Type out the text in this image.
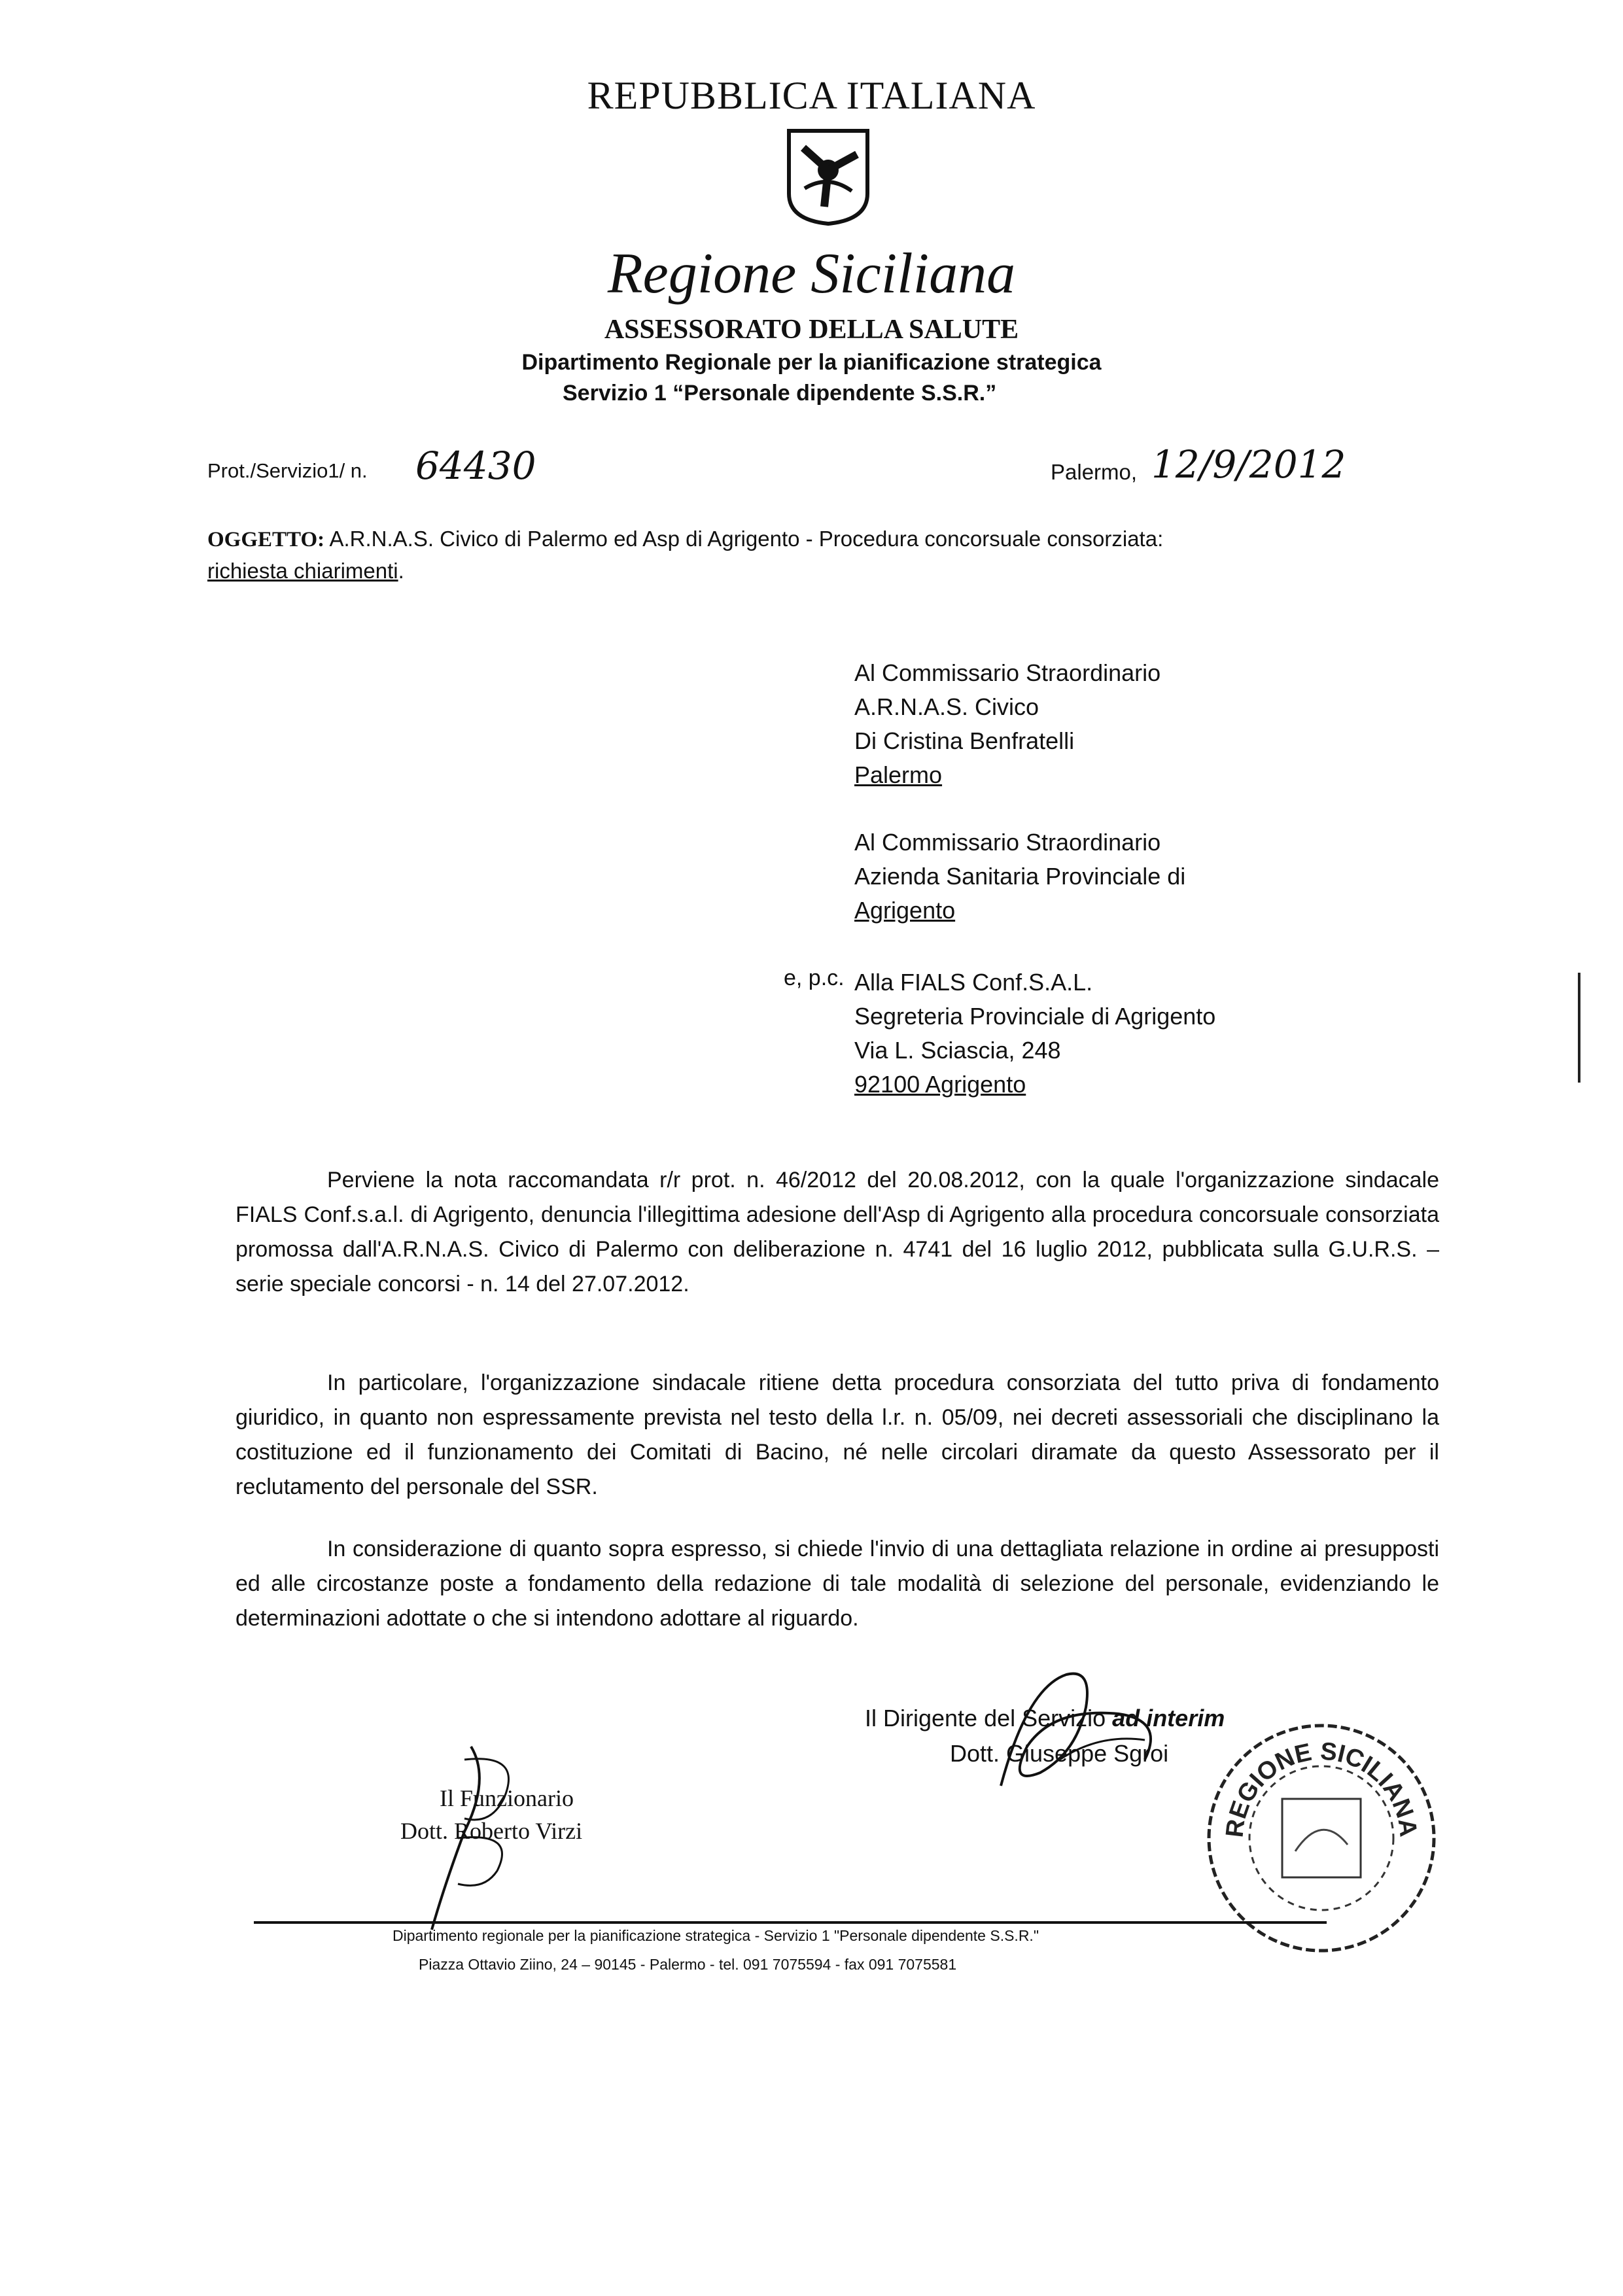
REPUBBLICA ITALIANA
Regione Siciliana
ASSESSORATO DELLA SALUTE
Dipartimento Regionale per la pianificazione strategica
Servizio 1 “Personale dipendente S.S.R.”
Prot./Servizio1/ n. 64430	Palermo, 12/9/2012
OGGETTO: A.R.N.A.S. Civico di Palermo ed Asp di Agrigento - Procedura concorsuale consorziata:
richiesta chiarimenti.
Al Commissario Straordinario
A.R.N.A.S. Civico
Di Cristina Benfratelli
Palermo
Al Commissario Straordinario
Azienda Sanitaria Provinciale di
Agrigento
e, p.c. Alla FIALS Conf.S.A.L.
Segreteria Provinciale di Agrigento
Via L. Sciascia, 248
92100 Agrigento
Perviene la nota raccomandata r/r prot. n. 46/2012 del 20.08.2012, con la quale l'organizzazione sindacale FIALS Conf.s.a.l. di Agrigento, denuncia l'illegittima adesione dell'Asp di Agrigento alla procedura concorsuale consorziata promossa dall'A.R.N.A.S. Civico di Palermo con deliberazione n. 4741 del 16 luglio 2012, pubblicata sulla G.U.R.S. – serie speciale concorsi - n. 14 del 27.07.2012.
In particolare, l'organizzazione sindacale ritiene detta procedura consorziata del tutto priva di fondamento giuridico, in quanto non espressamente prevista nel testo della l.r. n. 05/09, nei decreti assessoriali che disciplinano la costituzione ed il funzionamento dei Comitati di Bacino, né nelle circolari diramate da questo Assessorato per il reclutamento del personale del SSR.
In considerazione di quanto sopra espresso, si chiede l'invio di una dettagliata relazione in ordine ai presupposti ed alle circostanze poste a fondamento della redazione di tale modalità di selezione del personale, evidenziando le determinazioni adottate o che si intendono adottare al riguardo.
Il Dirigente del Servizio ad interim
Dott. Giuseppe Sgroi
Il Funzionario
Dott. Roberto Virzi	REGIONE SICILIANA
Dipartimento regionale per la pianificazione strategica - Servizio 1 "Personale dipendente S.S.R."
Piazza Ottavio Ziino, 24 – 90145 - Palermo - tel. 091 7075594 - fax 091 7075581
